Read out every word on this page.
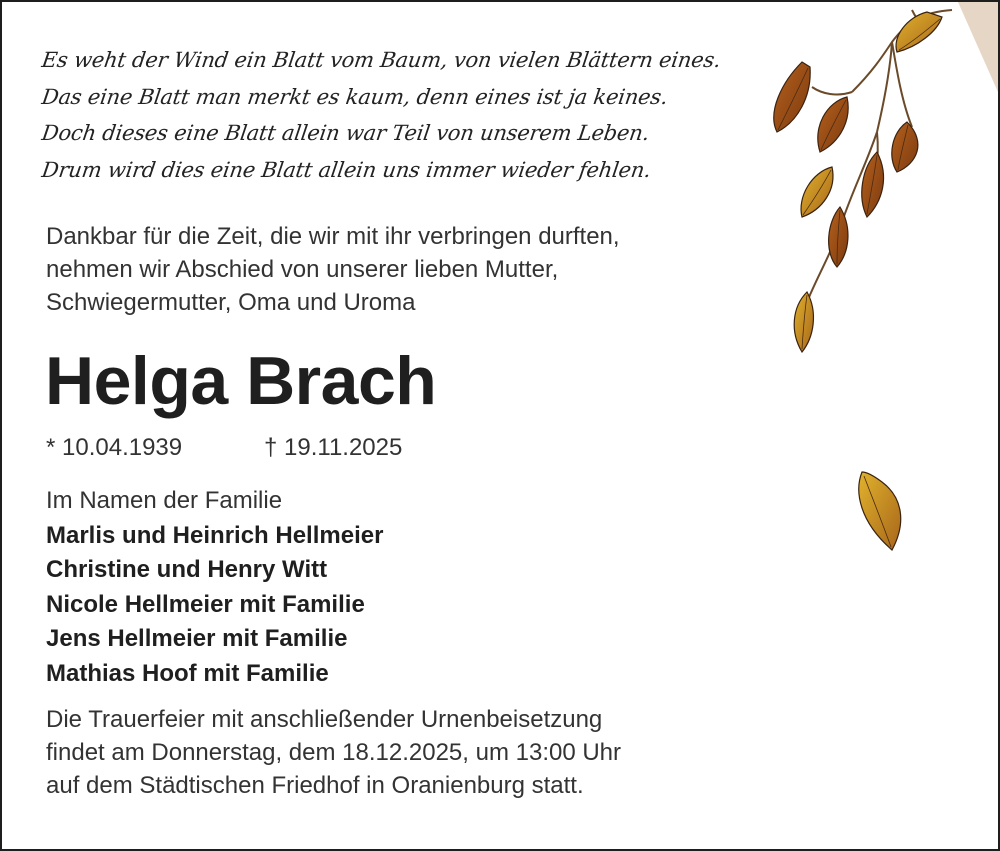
Es weht der Wind ein Blatt vom Baum, von vielen Blättern eines.
Das eine Blatt man merkt es kaum, denn eines ist ja keines.
Doch dieses eine Blatt allein war Teil von unserem Leben.
Drum wird dies eine Blatt allein uns immer wieder fehlen.
Dankbar für die Zeit, die wir mit ihr verbringen durften,
nehmen wir Abschied von unserer lieben Mutter,
Schwiegermutter, Oma und Uroma
Helga Brach
* 10.04.1939	† 19.11.2025
Im Namen der Familie
Marlis und Heinrich Hellmeier
Christine und Henry Witt
Nicole Hellmeier mit Familie
Jens Hellmeier mit Familie
Mathias Hoof mit Familie
Die Trauerfeier mit anschließender Urnenbeisetzung
findet am Donnerstag, dem 18.12.2025, um 13:00 Uhr
auf dem Städtischen Friedhof in Oranienburg statt.
